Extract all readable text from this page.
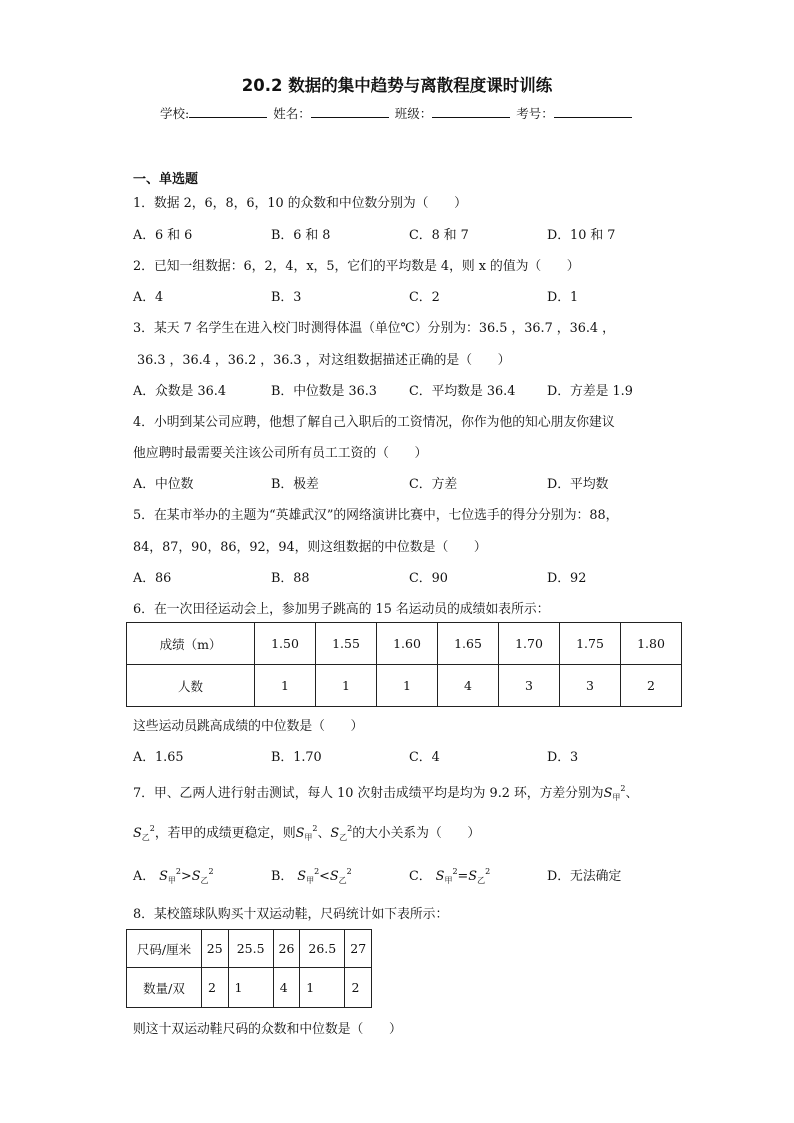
20.2 数据的集中趋势与离散程度课时训练
学校:	姓名：	班级：	考号：
一、单选题
1．数据 2，6，8，6，10 的众数和中位数分别为（　　）
A．6 和 6	B．6 和 8	C．8 和 7	D．10 和 7
2．已知一组数据：6，2，4，x，5，它们的平均数是 4，则 x 的值为（　　）
A．4	B．3	C．2	D．1
3．某天 7 名学生在进入校门时测得体温（单位℃）分别为：36.5 ，36.7 ，36.4 ，
36.3 ，36.4 ，36.2 ，36.3 ，对这组数据描述正确的是（　　）
A．众数是 36.4	B．中位数是 36.3	C．平均数是 36.4 D．方差是 1.9
4．小明到某公司应聘，他想了解自己入职后的工资情况，你作为他的知心朋友你建议
他应聘时最需要关注该公司所有员工工资的（　　）
A．中位数	B．极差	C．方差	D．平均数
5．在某市举办的主题为“英雄武汉”的网络演讲比赛中，七位选手的得分分别为：88，
84，87，90，86，92，94，则这组数据的中位数是（　　）
A．86	B．88	C．90	D．92
6．在一次田径运动会上，参加男子跳高的 15 名运动员的成绩如表所示：
成绩（m）	1.50	1.55	1.60	1.65	1.70	1.75	1.80
人数	1	1	1	4	3	3	2
这些运动员跳高成绩的中位数是（　　）
A．1.65	B．1.70	C．4	D．3
7．甲、乙两人进行射击测试，每人 10 次射击成绩平均是均为 9.2 环，方差分别为$S_甲^2$、
$S_乙^2$，若甲的成绩更稳定，则$S_甲^2$、$S_乙^2$的大小关系为（　　）
A． $S_甲^2>S_乙^2$	B． $S_甲^2<S_乙^2$	C． $S_甲^2=S_乙^2$	D．无法确定
8．某校篮球队购买十双运动鞋，尺码统计如下表所示：
尺码/厘米	25	25.5	26	26.5	27
数量/双	2	1	4	1	2
则这十双运动鞋尺码的众数和中位数是（　　）
